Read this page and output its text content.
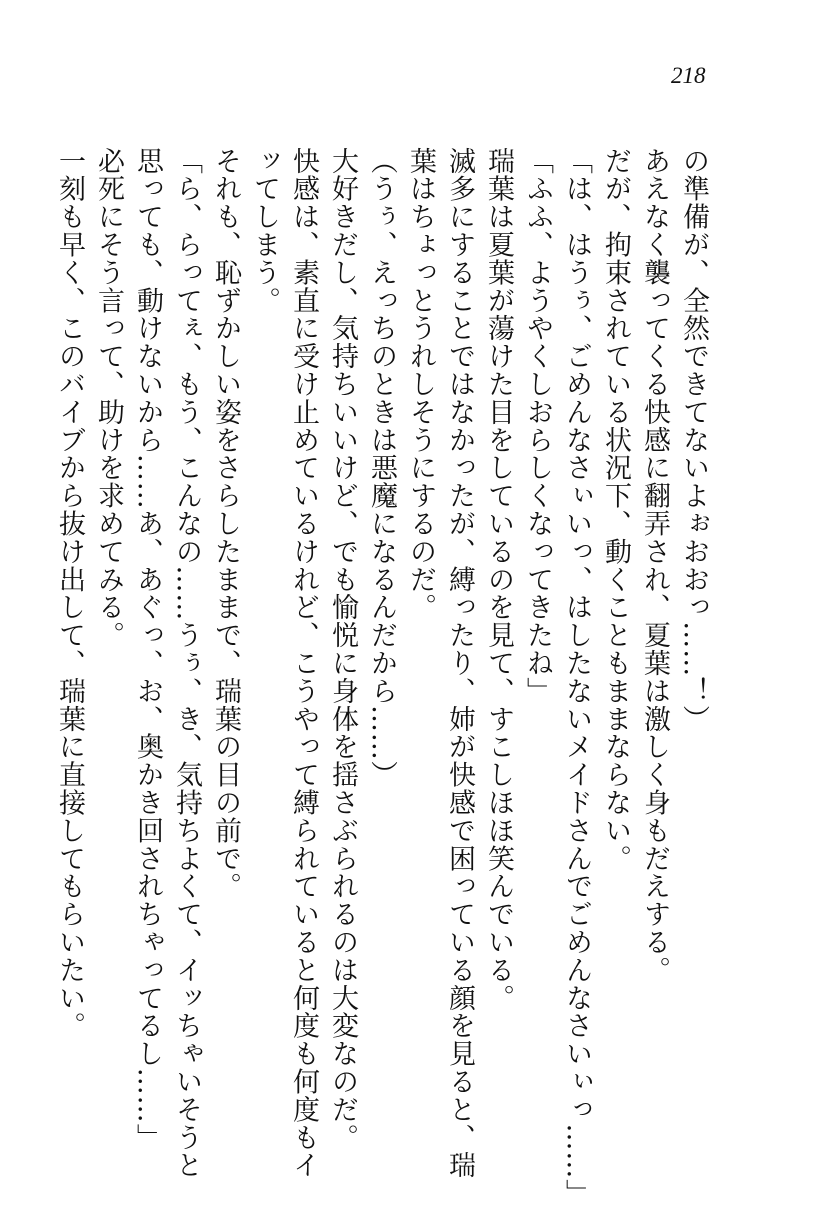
218
の準備が、全然できてないよぉおおっ……！）
あえなく襲ってくる快感に翻弄され、夏葉は激しく身もだえする。
だが、拘束されている状況下、動くこともままならない。
「は、はうぅ、ごめんなさぃいっ、はしたないメイドさんでごめんなさいぃっ……」
「ふふ、ようやくしおらしくなってきたね」
瑞葉は夏葉が蕩けた目をしているのを見て、すこしほほ笑んでいる。
滅多にすることではなかったが、縛ったり、姉が快感で困っている顔を見ると、瑞
葉はちょっとうれしそうにするのだ。
（うぅ、えっちのときは悪魔になるんだから……）
大好きだし、気持ちいいけど、でも愉悦に身体を揺さぶられるのは大変なのだ。
快感は、素直に受け止めているけれど、こうやって縛られていると何度も何度もイ
ッてしまう。
それも、恥ずかしい姿をさらしたままで、瑞葉の目の前で。
「ら、らってぇ、もう、こんなの……うぅ、き、気持ちよくて、イッちゃいそうと
思っても、動けないから……あ、あぐっ、お、奥かき回されちゃってるし……」
必死にそう言って、助けを求めてみる。
一刻も早く、このバイブから抜け出して、瑞葉に直接してもらいたい。
